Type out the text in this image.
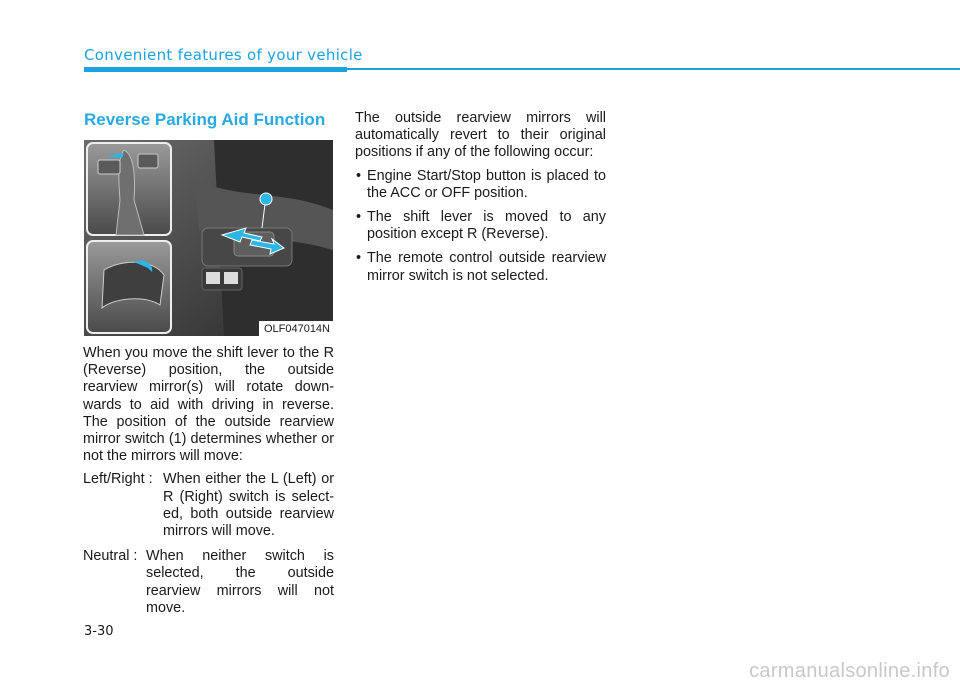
Convenient features of your vehicle
Reverse Parking Aid Function
OLF047014N

When you move the shift lever to the R (Reverse) position, the outside rearview mirror(s) will rotate down-wards to aid with driving in reverse. The position of the outside rearview mirror switch (1) determines whether or not the mirrors will move:

Left/Right : When either the L (Left) or R (Right) switch is select-ed, both outside rearview mirrors will move.
Neutral : When neither switch is selected, the outside rearview mirrors will not move.

The outside rearview mirrors will automatically revert to their original positions if any of the following occur:

• Engine Start/Stop button is placed to the ACC or OFF position.
• The shift lever is moved to any position except R (Reverse).
• The remote control outside rearview mirror switch is not selected.
3-30
carmanualsonline.info
